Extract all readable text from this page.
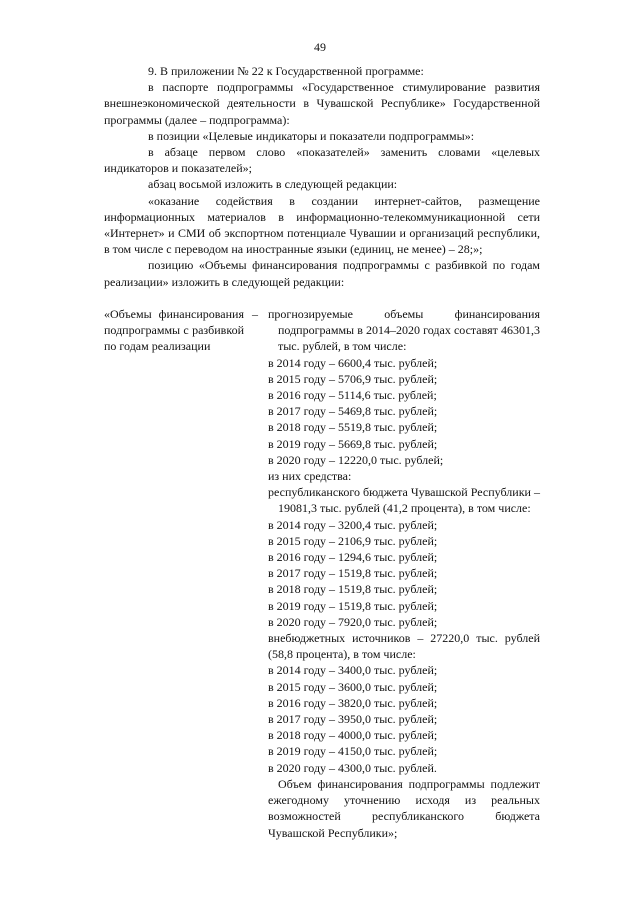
49

9. В приложении № 22 к Государственной программе:

в паспорте подпрограммы «Государственное стимулирование развития внешнеэкономической деятельности в Чувашской Республике» Государственной программы (далее – подпрограмма):

в позиции «Целевые индикаторы и показатели подпрограммы»:

в абзаце первом слово «показателей» заменить словами «целевых индикаторов и показателей»;

абзац восьмой изложить в следующей редакции:

«оказание содействия в создании интернет-сайтов, размещение информационных материалов в информационно-телекоммуникационной сети «Интернет» и СМИ об экспортном потенциале Чувашии и организаций республики, в том числе с переводом на иностранные языки (единиц, не менее) – 28;»;

позицию «Объемы финансирования подпрограммы с разбивкой по годам реализации» изложить в следующей редакции:

«Объемы финансирования подпрограммы с разбивкой по годам реализации
– прогнозируемые объемы финансирования подпрограммы в 2014–2020 годах составят 46301,3 тыс. рублей, в том числе:
в 2014 году – 6600,4 тыс. рублей;
в 2015 году – 5706,9 тыс. рублей;
в 2016 году – 5114,6 тыс. рублей;
в 2017 году – 5469,8 тыс. рублей;
в 2018 году – 5519,8 тыс. рублей;
в 2019 году – 5669,8 тыс. рублей;
в 2020 году – 12220,0 тыс. рублей;
из них средства:
республиканского бюджета Чувашской Республики – 19081,3 тыс. рублей (41,2 процента), в том числе:
в 2014 году – 3200,4 тыс. рублей;
в 2015 году – 2106,9 тыс. рублей;
в 2016 году – 1294,6 тыс. рублей;
в 2017 году – 1519,8 тыс. рублей;
в 2018 году – 1519,8 тыс. рублей;
в 2019 году – 1519,8 тыс. рублей;
в 2020 году – 7920,0 тыс. рублей;
внебюджетных источников – 27220,0 тыс. рублей (58,8 процента), в том числе:
в 2014 году – 3400,0 тыс. рублей;
в 2015 году – 3600,0 тыс. рублей;
в 2016 году – 3820,0 тыс. рублей;
в 2017 году – 3950,0 тыс. рублей;
в 2018 году – 4000,0 тыс. рублей;
в 2019 году – 4150,0 тыс. рублей;
в 2020 году – 4300,0 тыс. рублей.
Объем финансирования подпрограммы подлежит ежегодному уточнению исходя из реальных возможностей республиканского бюджета Чувашской Республики»;
